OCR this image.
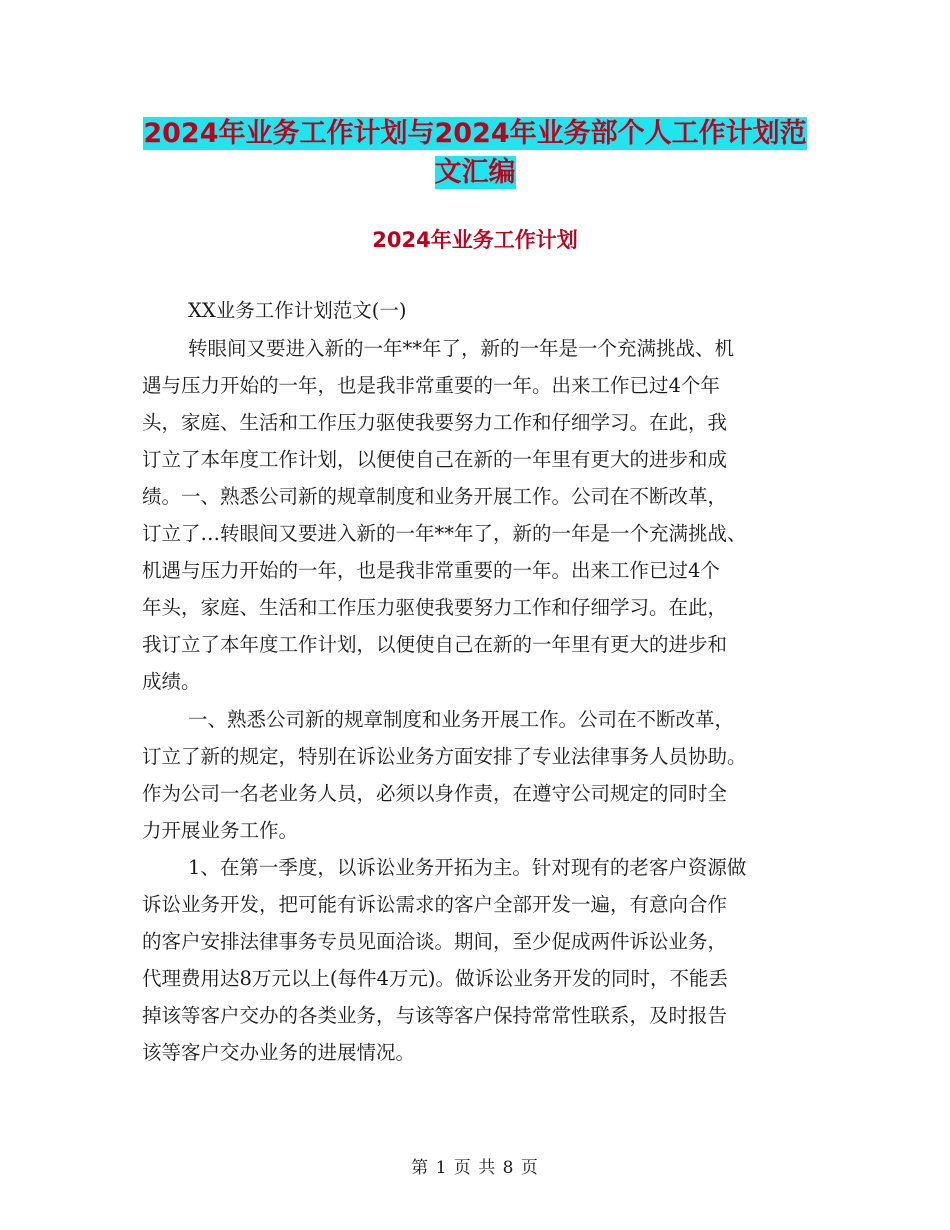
2024年业务工作计划与2024年业务部个人工作计划范
文汇编
2024年业务工作计划
XX业务工作计划范文(一)
转眼间又要进入新的一年**年了，新的一年是一个充满挑战、机
遇与压力开始的一年，也是我非常重要的一年。出来工作已过4个年
头，家庭、生活和工作压力驱使我要努力工作和仔细学习。在此，我
订立了本年度工作计划，以便使自己在新的一年里有更大的进步和成
绩。一、熟悉公司新的规章制度和业务开展工作。公司在不断改革，
订立了…转眼间又要进入新的一年**年了，新的一年是一个充满挑战、
机遇与压力开始的一年，也是我非常重要的一年。出来工作已过4个
年头，家庭、生活和工作压力驱使我要努力工作和仔细学习。在此，
我订立了本年度工作计划，以便使自己在新的一年里有更大的进步和
成绩。
一、熟悉公司新的规章制度和业务开展工作。公司在不断改革，
订立了新的规定，特别在诉讼业务方面安排了专业法律事务人员协助。
作为公司一名老业务人员，必须以身作责，在遵守公司规定的同时全
力开展业务工作。
1、在第一季度，以诉讼业务开拓为主。针对现有的老客户资源做
诉讼业务开发，把可能有诉讼需求的客户全部开发一遍，有意向合作
的客户安排法律事务专员见面洽谈。期间，至少促成两件诉讼业务，
代理费用达8万元以上(每件4万元)。做诉讼业务开发的同时，不能丢
掉该等客户交办的各类业务，与该等客户保持常常性联系，及时报告
该等客户交办业务的进展情况。
第 1 页 共 8 页
